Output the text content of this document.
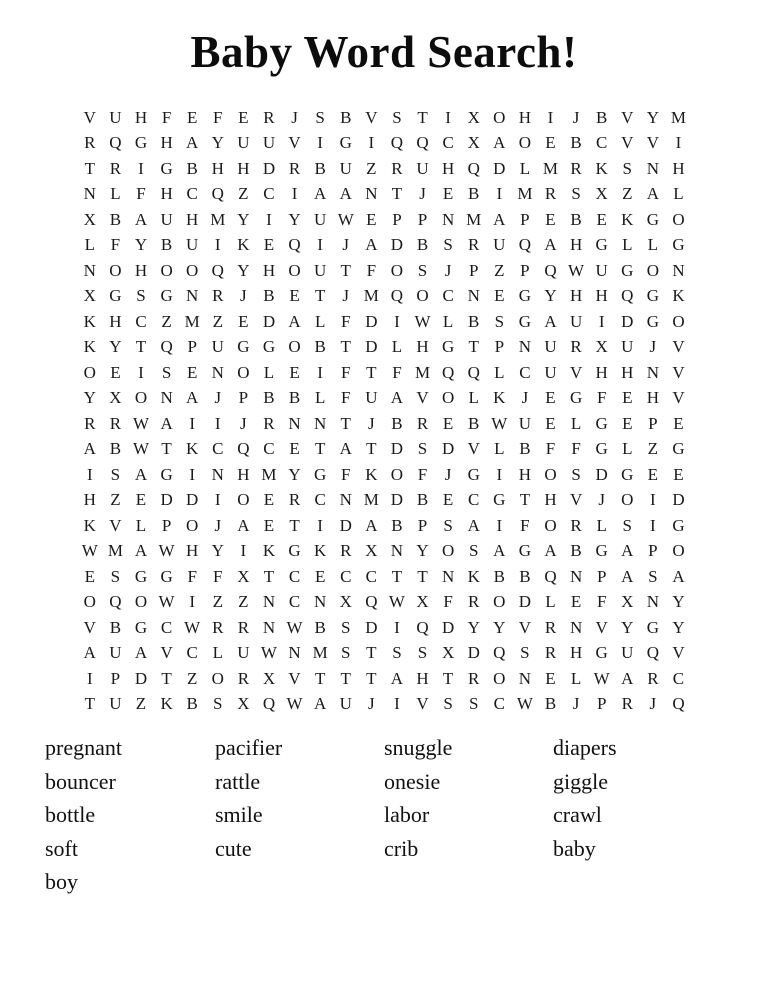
Baby Word Search!
V U H F E F E R J	S B V S T	I X O H I	J B V Y M
R Q G H A Y U U V I G I Q Q C X A O E B C V V I
T R	I G B H H D R B U Z R U H Q D L M R K S N H
N L F H C Q Z C	I A A N T	J	E B	I M R S X Z A L
X B A U H M Y I Y U W E P P N M A P E B E K G O
L F Y B U I K E Q I	J A D B S R U Q A H G L L G
N O H O O Q Y H O U T F O S	J	P Z P Q W U G O N
X G S G N R J B E T	J M Q O C N E G Y H H Q G K
K H C Z M Z E D A L F D I W L B S G A U I D G O
K Y T Q P U G G O B T D L H G T P N U R X U J V
O E	I	S E N O L E	I	F T F M Q Q L C U V H H N V
Y X O N A J	P B B L F U A V O L K J	E G F E H V
R R W A I	I	J R N N T	J B R E B W U E L G E P E
A B W T K C Q C E T A T D S D V L B F F G L Z G
I	S A G I N H M Y G F K O F	J G I H O S D G E E
H Z E D D I O E R C N M D B E C G T H V J O I D
K V L P O J A E T	I D A B P S A I	F O R L S	I G
W M A W H Y I K G K R X N Y O S A G A B G A P O
E S G G F F X T C E C C T T N K B B Q N P A S A
O Q O W I	Z Z N C N X Q W X F R O D L E F X N Y
V B G C W R R N W B S D I Q D Y Y V R N V Y G Y
A U A V C L U W N M S T S S X D Q S R H G U Q V
I	P D T Z O R X V T T T A H T R O N E L W A R C
T U Z K B S X Q W A U J	I V S S C W B J	P R J Q
pregnant
bouncer
bottle
soft
boy
pacifier
rattle
smile
cute
snuggle
onesie
labor
crib
diapers
giggle
crawl
baby
